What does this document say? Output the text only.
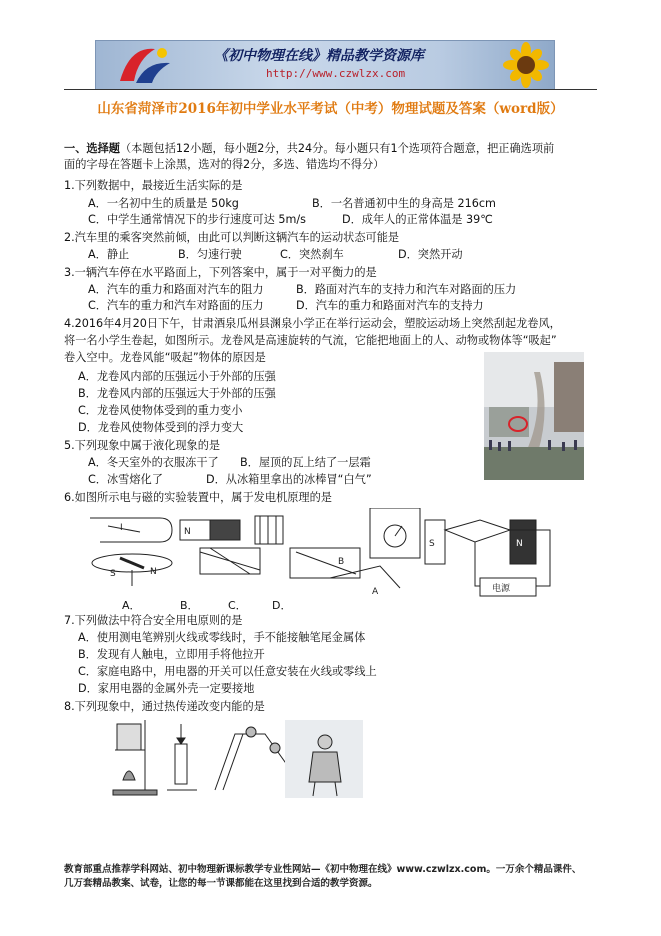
《初中物理在线》精品教学资源库
http://www.czwlzx.com
山东省菏泽市2016年初中学业水平考试（中考）物理试题及答案（word版）
一、选择题（本题包括12小题，每小题2分，共24分。每小题只有1个选项符合题意，把正确选项前
面的字母在答题卡上涂黑，选对的得2分，多选、错选均不得分）
1.下列数据中，最接近生活实际的是
A．一名初中生的质量是 50kg	B．一名普通初中生的身高是 216cm
C．中学生通常情况下的步行速度可达 5m/s	D．成年人的正常体温是 39℃
2.汽车里的乘客突然前倾，由此可以判断这辆汽车的运动状态可能是
A．静止	B．匀速行驶	C．突然刹车	D．突然开动
3.一辆汽车停在水平路面上，下列答案中，属于一对平衡力的是
A．汽车的重力和路面对汽车的阻力	B．路面对汽车的支持力和汽车对路面的压力
C．汽车的重力和汽车对路面的压力	D．汽车的重力和路面对汽车的支持力
4.2016年4月20日下午，甘肃酒泉瓜州县渊泉小学正在举行运动会，塑胶运动场上突然刮起龙卷风，
将一名小学生卷起，如图所示。龙卷风是高速旋转的气流，它能把地面上的人、动物或物体等“吸起”
卷入空中。龙卷风能“吸起”物体的原因是
A．龙卷风内部的压强远小于外部的压强
B．龙卷风内部的压强远大于外部的压强
C．龙卷风使物体受到的重力变小
D．龙卷风使物体受到的浮力变大
5.下列现象中属于液化现象的是
A．冬天室外的衣服冻干了 B．屋顶的瓦上结了一层霜
C．冰雪熔化了	D．从冰箱里拿出的冰棒冒“白气”
6.如图所示电与磁的实验装置中，属于发电机原理的是
I
S	N
N
B
A
S	N
电源
A．	B．	C． D．
7.下列做法中符合安全用电原则的是
A．使用测电笔辨别火线或零线时，手不能接触笔尾金属体
B．发现有人触电，立即用手将他拉开
C．家庭电路中，用电器的开关可以任意安装在火线或零线上
D．家用电器的金属外壳一定要接地
8.下列现象中，通过热传递改变内能的是
教育部重点推荐学科网站、初中物理新课标教学专业性网站—《初中物理在线》www.czwlzx.com。一万余个精品课件、
几万套精品教案、试卷，让您的每一节课都能在这里找到合适的教学资源。
